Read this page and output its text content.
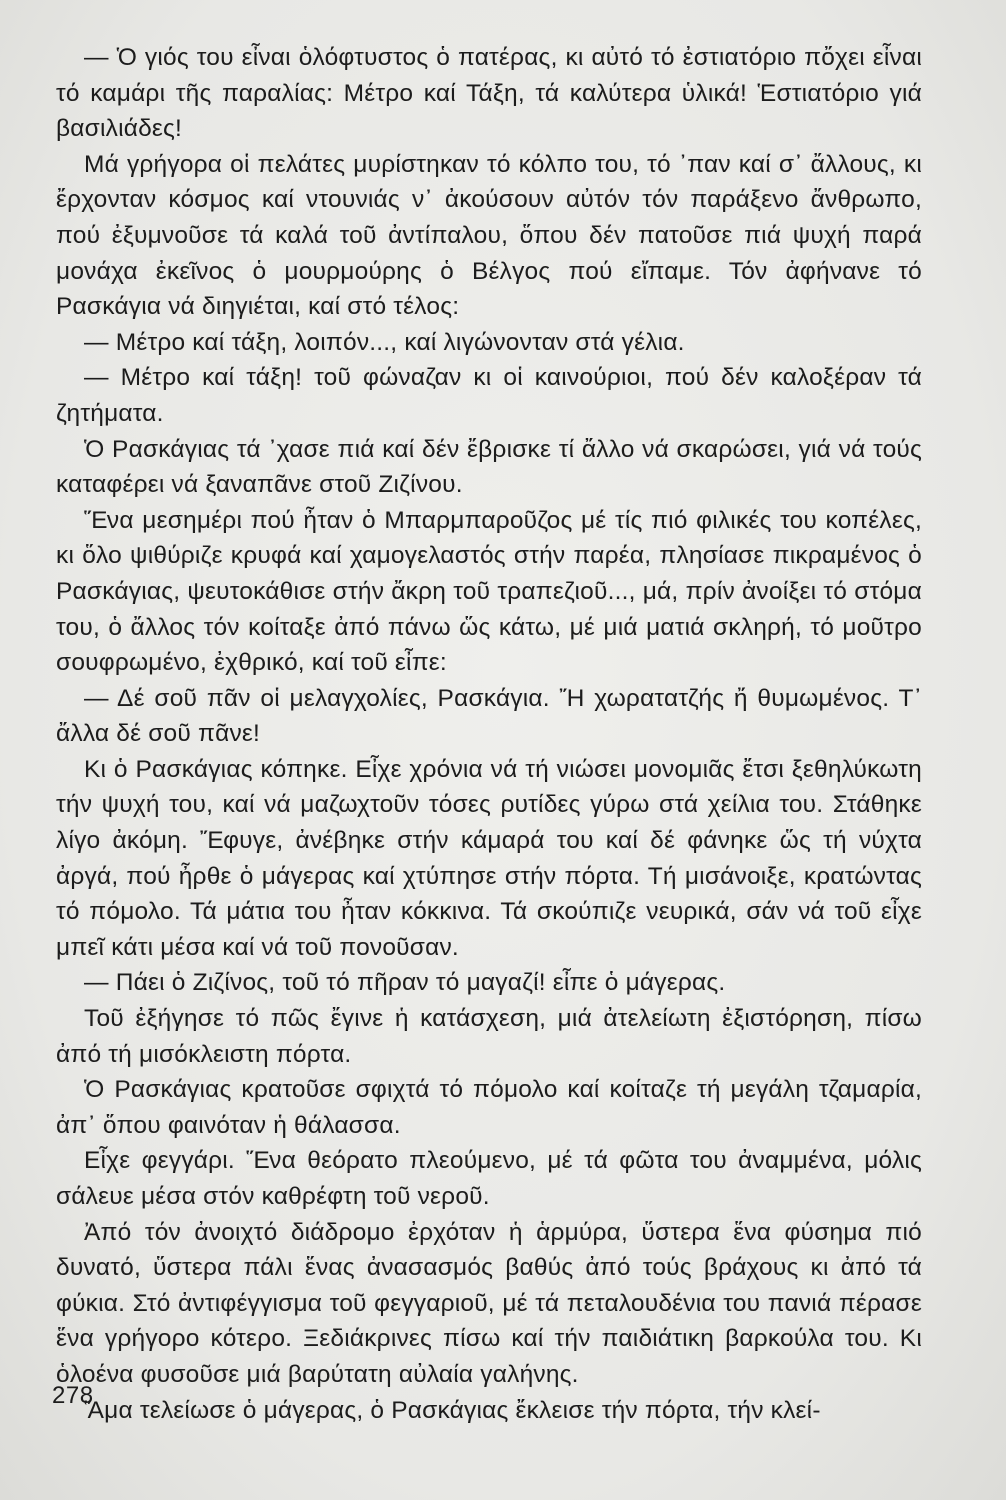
— Ὁ γιός του εἶναι ὁλόφτυστος ὁ πατέρας, κι αὐτό τό ἐστιατόριο πὄχει εἶναι τό καμάρι τῆς παραλίας: Μέτρο καί Τάξη, τά καλύτερα ὑλικά! Ἑστιατόριο γιά βασιλιάδες!

Μά γρήγορα οἱ πελάτες μυρίστηκαν τό κόλπο του, τό ᾽παν καί σ᾽ ἄλλους, κι ἔρχονταν κόσμος καί ντουνιάς ν᾽ ἀκούσουν αὐτόν τόν παράξενο ἄνθρωπο, πού ἐξυμνοῦσε τά καλά τοῦ ἀντίπαλου, ὅπου δέν πατοῦσε πιά ψυχή παρά μονάχα ἐκεῖνος ὁ μουρμούρης ὁ Βέλγος πού εἴπαμε. Τόν ἀφήνανε τό Ρασκάγια νά διηγιέται, καί στό τέλος:

— Μέτρο καί τάξη, λοιπόν..., καί λιγώνονταν στά γέλια.

— Μέτρο καί τάξη! τοῦ φώναζαν κι οἱ καινούριοι, πού δέν καλοξέραν τά ζητήματα.

Ὁ Ρασκάγιας τά ᾽χασε πιά καί δέν ἔβρισκε τί ἄλλο νά σκαρώσει, γιά νά τούς καταφέρει νά ξαναπᾶνε στοῦ Ζιζίνου.

Ἕνα μεσημέρι πού ἦταν ὁ Μπαρμπαροῦζος μέ τίς πιό φιλικές του κοπέλες, κι ὅλο ψιθύριζε κρυφά καί χαμογελαστός στήν παρέα, πλησίασε πικραμένος ὁ Ρασκάγιας, ψευτοκάθισε στήν ἄκρη τοῦ τραπεζιοῦ..., μά, πρίν ἀνοίξει τό στόμα του, ὁ ἄλλος τόν κοίταξε ἀπό πάνω ὥς κάτω, μέ μιά ματιά σκληρή, τό μοῦτρο σουφρωμένο, ἐχθρικό, καί τοῦ εἶπε:

— Δέ σοῦ πᾶν οἱ μελαγχολίες, Ρασκάγια. Ἤ χωρατατζής ἤ θυμωμένος. Τ᾽ ἄλλα δέ σοῦ πᾶνε!

Κι ὁ Ρασκάγιας κόπηκε. Εἶχε χρόνια νά τή νιώσει μονομιᾶς ἔτσι ξεθηλύκωτη τήν ψυχή του, καί νά μαζωχτοῦν τόσες ρυτίδες γύρω στά χείλια του. Στάθηκε λίγο ἀκόμη. Ἔφυγε, ἀνέβηκε στήν κάμαρά του καί δέ φάνηκε ὥς τή νύχτα ἀργά, πού ἦρθε ὁ μάγερας καί χτύπησε στήν πόρτα. Τή μισάνοιξε, κρατώντας τό πόμολο. Τά μάτια του ἦταν κόκκινα. Τά σκούπιζε νευρικά, σάν νά τοῦ εἶχε μπεῖ κάτι μέσα καί νά τοῦ πονοῦσαν.

— Πάει ὁ Ζιζίνος, τοῦ τό πῆραν τό μαγαζί! εἶπε ὁ μάγερας.

Τοῦ ἐξήγησε τό πῶς ἔγινε ἡ κατάσχεση, μιά ἀτελείωτη ἐξιστόρηση, πίσω ἀπό τή μισόκλειστη πόρτα.

Ὁ Ρασκάγιας κρατοῦσε σφιχτά τό πόμολο καί κοίταζε τή μεγάλη τζαμαρία, ἀπ᾽ ὅπου φαινόταν ἡ θάλασσα.

Εἶχε φεγγάρι. Ἕνα θεόρατο πλεούμενο, μέ τά φῶτα του ἀναμμένα, μόλις σάλευε μέσα στόν καθρέφτη τοῦ νεροῦ.

Ἀπό τόν ἀνοιχτό διάδρομο ἐρχόταν ἡ ἁρμύρα, ὕστερα ἕνα φύσημα πιό δυνατό, ὕστερα πάλι ἕνας ἀνασασμός βαθύς ἀπό τούς βράχους κι ἀπό τά φύκια. Στό ἀντιφέγγισμα τοῦ φεγγαριοῦ, μέ τά πεταλουδένια του πανιά πέρασε ἕνα γρήγορο κότερο. Ξεδιάκρινες πίσω καί τήν παιδιάτικη βαρκούλα του. Κι ὁλοένα φυσοῦσε μιά βαρύτατη αὐλαία γαλήνης.

Ἅμα τελείωσε ὁ μάγερας, ὁ Ρασκάγιας ἔκλεισε τήν πόρτα, τήν κλεί-

278
